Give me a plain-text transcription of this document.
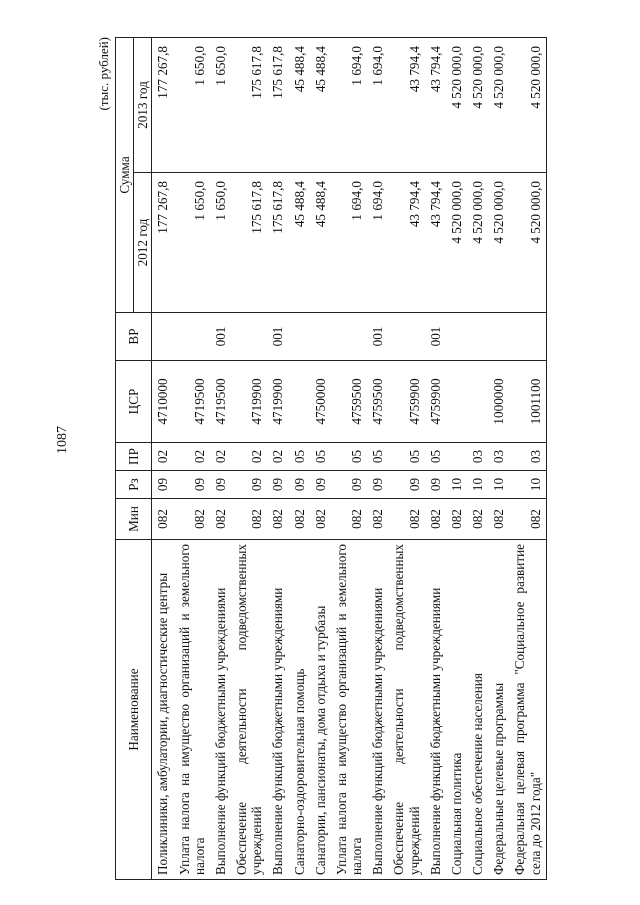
1087
(тыс. рублей)
Наименование	Мин	Рз	ПР	ЦСР	ВР	Сумма	
						2012 год	2013 год
Поликлиники, амбулатории, диагностические центры	082	09	02	4710000		177 267,8	177 267,8
Уплата налога на имущество организаций и земельного налога	082	09	02	4719500		1 650,0	1 650,0
Выполнение функций бюджетными учреждениями	082	09	02	4719500	001	1 650,0	1 650,0
Обеспечение деятельности подведомственных учреждений	082	09	02	4719900		175 617,8	175 617,8
Выполнение функций бюджетными учреждениями	082	09	02	4719900	001	175 617,8	175 617,8
Санаторно-оздоровительная помощь	082	09	05			45 488,4	45 488,4
Санатории, пансионаты, дома отдыха и турбазы	082	09	05	4750000		45 488,4	45 488,4
Уплата налога на имущество организаций и земельного налога	082	09	05	4759500		1 694,0	1 694,0
Выполнение функций бюджетными учреждениями	082	09	05	4759500	001	1 694,0	1 694,0
Обеспечение деятельности подведомственных учреждений	082	09	05	4759900		43 794,4	43 794,4
Выполнение функций бюджетными учреждениями	082	09	05	4759900	001	43 794,4	43 794,4
Социальная политика	082	10				4 520 000,0	4 520 000,0
Социальное обеспечение населения	082	10	03			4 520 000,0	4 520 000,0
Федеральные целевые программы	082	10	03	1000000		4 520 000,0	4 520 000,0
Федеральная целевая программа "Социальное развитие села до 2012 года"	082	10	03	1001100		4 520 000,0	4 520 000,0
